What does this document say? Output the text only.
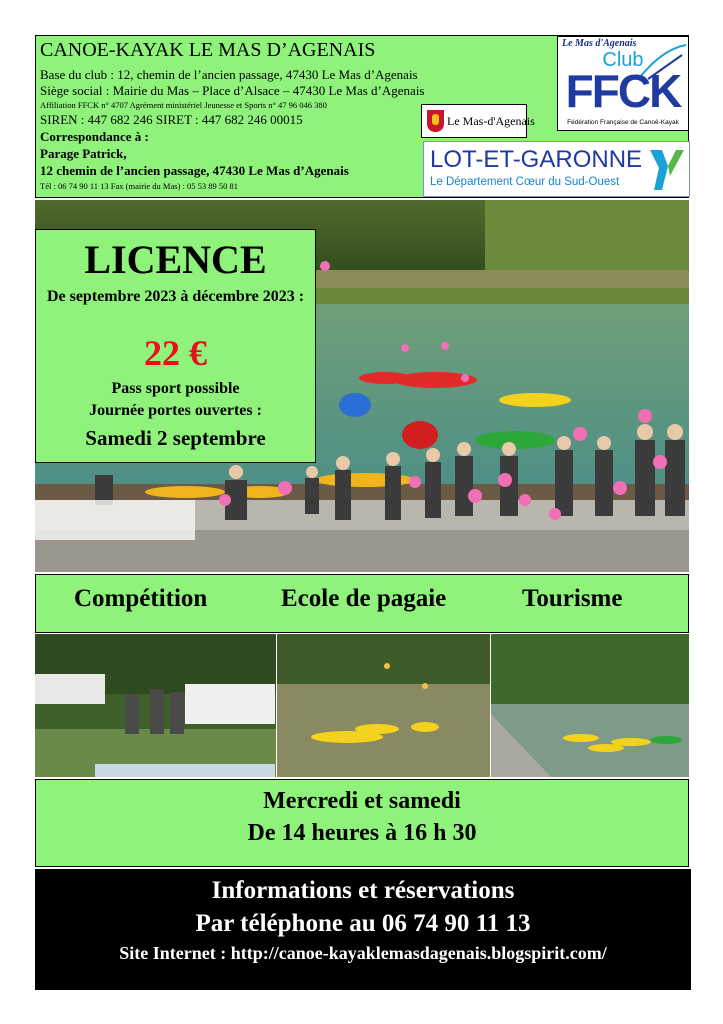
CANOE-KAYAK LE MAS D’AGENAIS
Base du club : 12, chemin de l’ancien passage, 47430 Le Mas d’Agenais
Siège social : Mairie du Mas – Place d’Alsace – 47430 Le Mas d’Agenais
Affiliation FFCK n° 4707 Agrément ministériel Jeunesse et Sports n° 47 96 046 380
SIREN : 447 682 246 SIRET : 447 682 246 00015
Correspondance à :
Parage Patrick,
12 chemin de l’ancien passage, 47430 Le Mas d’Agenais
Tél : 06 74 90 11 13 Fax (mairie du Mas) : 05 53 89 50 81
Le Mas d'Agenais
Club
FFCK
Fédération Française de Canoë-Kayak
Le Mas-d'Agenais
LOT-ET-GARONNE
Le Département Cœur du Sud-Ouest
LICENCE
De septembre 2023 à décembre 2023 :
22 €
Pass sport possible
Journée portes ouvertes :
Samedi 2 septembre
Compétition	Ecole de pagaie	Tourisme
Mercredi et samedi
De 14 heures à 16 h 30
Informations et réservations
Par téléphone au 06 74 90 11 13
Site Internet : http://canoe-kayaklemasdagenais.blogspirit.com/
